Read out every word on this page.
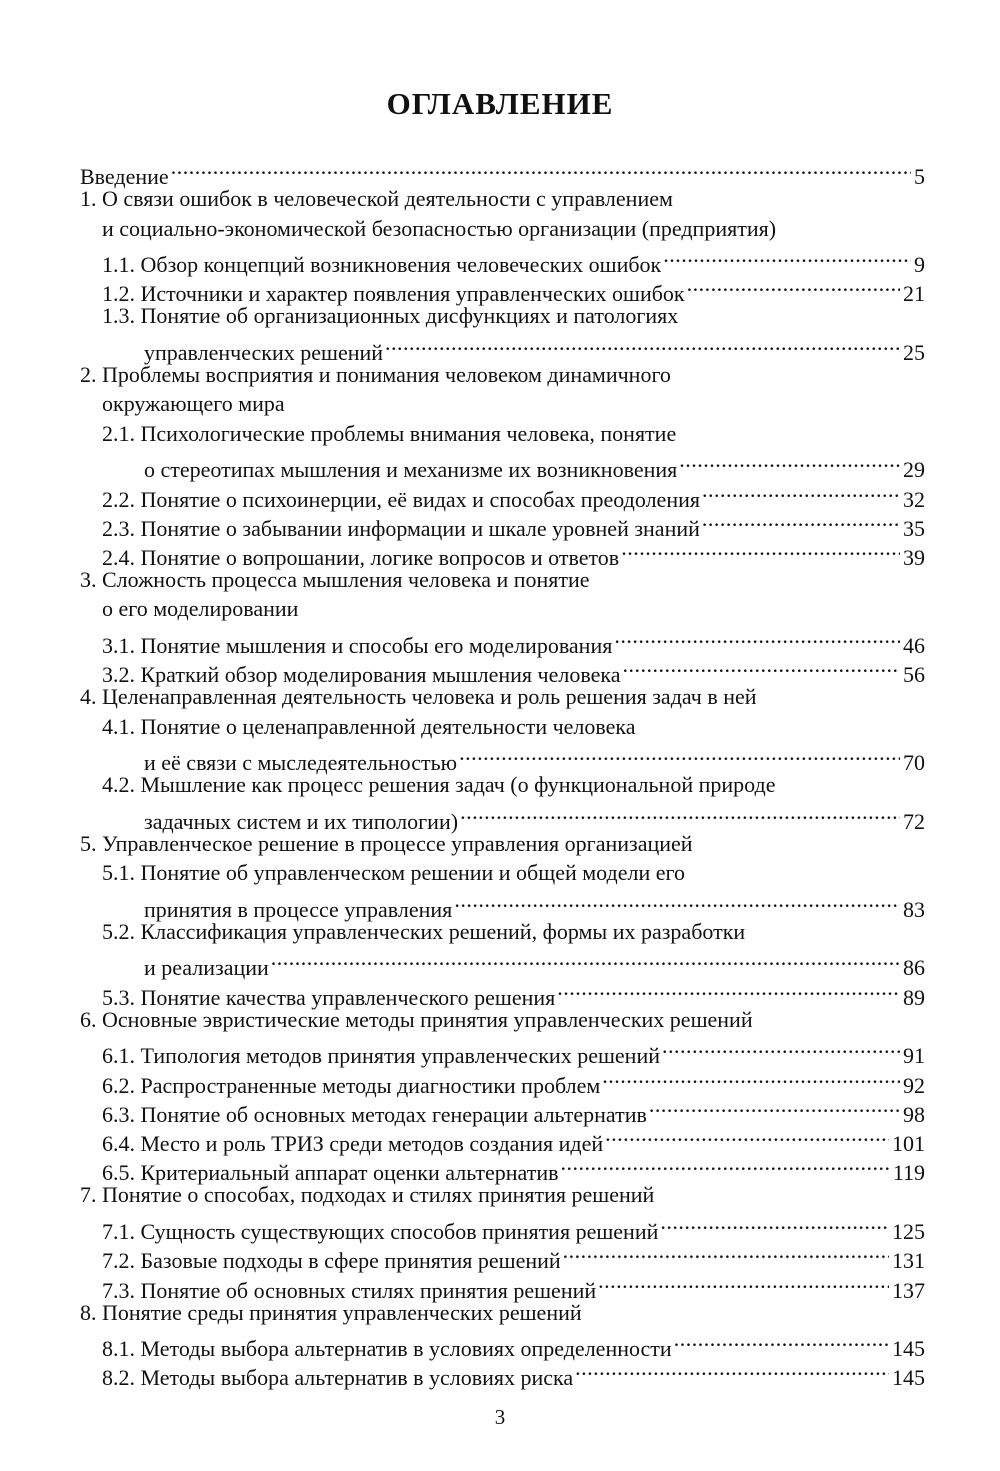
ОГЛАВЛЕНИЕ
Введение .....	5
1. О связи ошибок в человеческой деятельности с управлением
и социально-экономической безопасностью организации (предприятия)
1.1. Обзор концепций возникновения человеческих ошибок .....	9
1.2. Источники и характер появления управленческих ошибок .....	21
1.3. Понятие об организационных дисфункциях и патологиях
управленческих решений .....	25
2. Проблемы восприятия и понимания человеком динамичного
окружающего мира
2.1. Психологические проблемы внимания человека, понятие
о стереотипах мышления и механизме их возникновения .....	29
2.2. Понятие о психоинерции, её видах и способах преодоления .....	32
2.3. Понятие о забывании информации и шкале уровней знаний .....	35
2.4. Понятие о вопрошании, логике вопросов и ответов .....	39
3. Сложность процесса мышления человека и понятие
о его моделировании
3.1. Понятие мышления и способы его моделирования .....	46
3.2. Краткий обзор моделирования мышления человека .....	56
4. Целенаправленная деятельность человека и роль решения задач в ней
4.1. Понятие о целенаправленной деятельности человека
и её связи с мыследеятельностью .....	70
4.2. Мышление как процесс решения задач (о функциональной природе
задачных систем и их типологии) .....	72
5. Управленческое решение в процессе управления организацией
5.1. Понятие об управленческом решении и общей модели его
принятия в процессе управления .....	83
5.2. Классификация управленческих решений, формы их разработки
и реализации .....	86
5.3. Понятие качества управленческого решения .....	89
6. Основные эвристические методы принятия управленческих решений
6.1. Типология методов принятия управленческих решений .....	91
6.2. Распространенные методы диагностики проблем .....	92
6.3. Понятие об основных методах генерации альтернатив .....	98
6.4. Место и роль ТРИЗ среди методов создания идей .....	101
6.5. Критериальный аппарат оценки альтернатив .....	119
7. Понятие о способах, подходах и стилях принятия решений
7.1. Сущность существующих способов принятия решений .....	125
7.2. Базовые подходы в сфере принятия решений .....	131
7.3. Понятие об основных стилях принятия решений .....	137
8. Понятие среды принятия управленческих решений
8.1. Методы выбора альтернатив в условиях определенности .....	145
8.2. Методы выбора альтернатив в условиях риска .....	145
3
